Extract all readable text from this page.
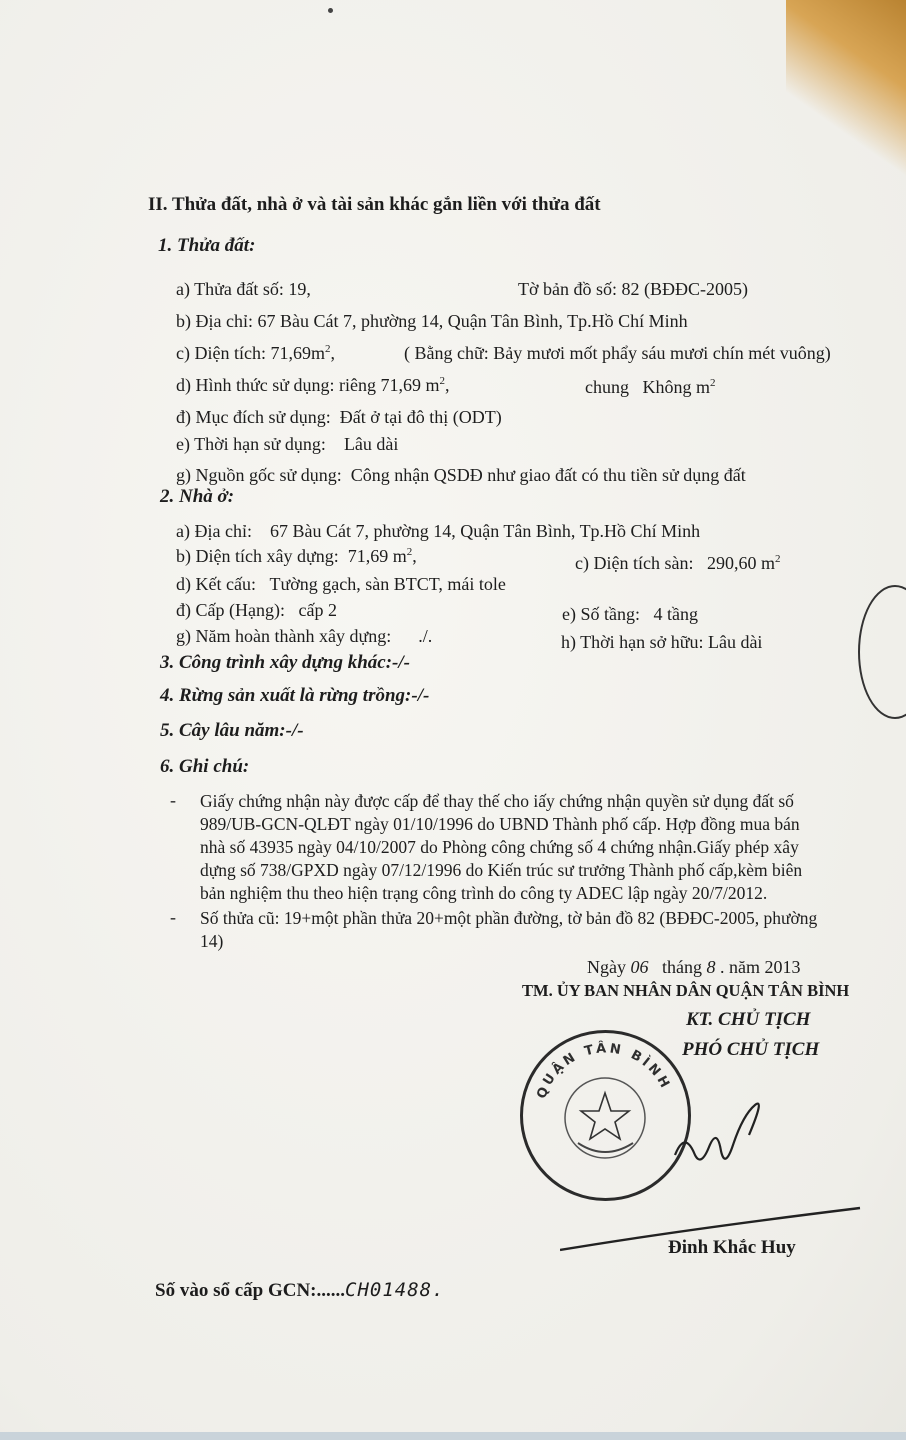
II. Thửa đất, nhà ở và tài sản khác gắn liền với thửa đất
1. Thửa đất:
a) Thửa đất số: 19,	Tờ bản đồ số: 82 (BĐĐC-2005)
b) Địa chỉ: 67 Bàu Cát 7, phường 14, Quận Tân Bình, Tp.Hồ Chí Minh
c) Diện tích: $71,69m^2$,	( Bằng chữ: Bảy mươi mốt phẩy sáu mươi chín mét vuông)
d) Hình thức sử dụng: riêng 71,69 $m^2$,	chung Không $m^2$
đ) Mục đích sử dụng: Đất ở tại đô thị (ODT)
e) Thời hạn sử dụng: Lâu dài
g) Nguồn gốc sử dụng: Công nhận QSDĐ như giao đất có thu tiền sử dụng đất
2. Nhà ở:
a) Địa chỉ: 67 Bàu Cát 7, phường 14, Quận Tân Bình, Tp.Hồ Chí Minh
b) Diện tích xây dựng: 71,69 $m^2$,	c) Diện tích sàn: 290,60 $m^2$
d) Kết cấu: Tường gạch, sàn BTCT, mái tole
đ) Cấp (Hạng): cấp 2	e) Số tầng: 4 tầng
g) Năm hoàn thành xây dựng: ./.	h) Thời hạn sở hữu: Lâu dài
3. Công trình xây dựng khác:-/-
4. Rừng sản xuất là rừng trồng:-/-
5. Cây lâu năm:-/-
6. Ghi chú:
- Giấy chứng nhận này được cấp để thay thế cho iấy chứng nhận quyền sử dụng đất số
989/UB-GCN-QLĐT ngày 01/10/1996 do UBND Thành phố cấp. Hợp đồng mua bán
nhà số 43935 ngày 04/10/2007 do Phòng công chứng số 4 chứng nhận.Giấy phép xây
dựng số 738/GPXD ngày 07/12/1996 do Kiến trúc sư trưởng Thành phố cấp,kèm biên
bản nghiệm thu theo hiện trạng công trình do công ty ADEC lập ngày 20/7/2012.
- Số thửa cũ: 19+một phần thửa 20+một phần đường, tờ bản đồ 82 (BĐĐC-2005, phường
14)
Ngày 06 tháng 8 . năm 2013
TM. ỦY BAN NHÂN DÂN QUẬN TÂN BÌNH
KT. CHỦ TỊCH
PHÓ CHỦ TỊCH
QUẬN TÂN BÌNH
Đinh Khắc Huy
Số vào sổ cấp GCN:......CH01488.
